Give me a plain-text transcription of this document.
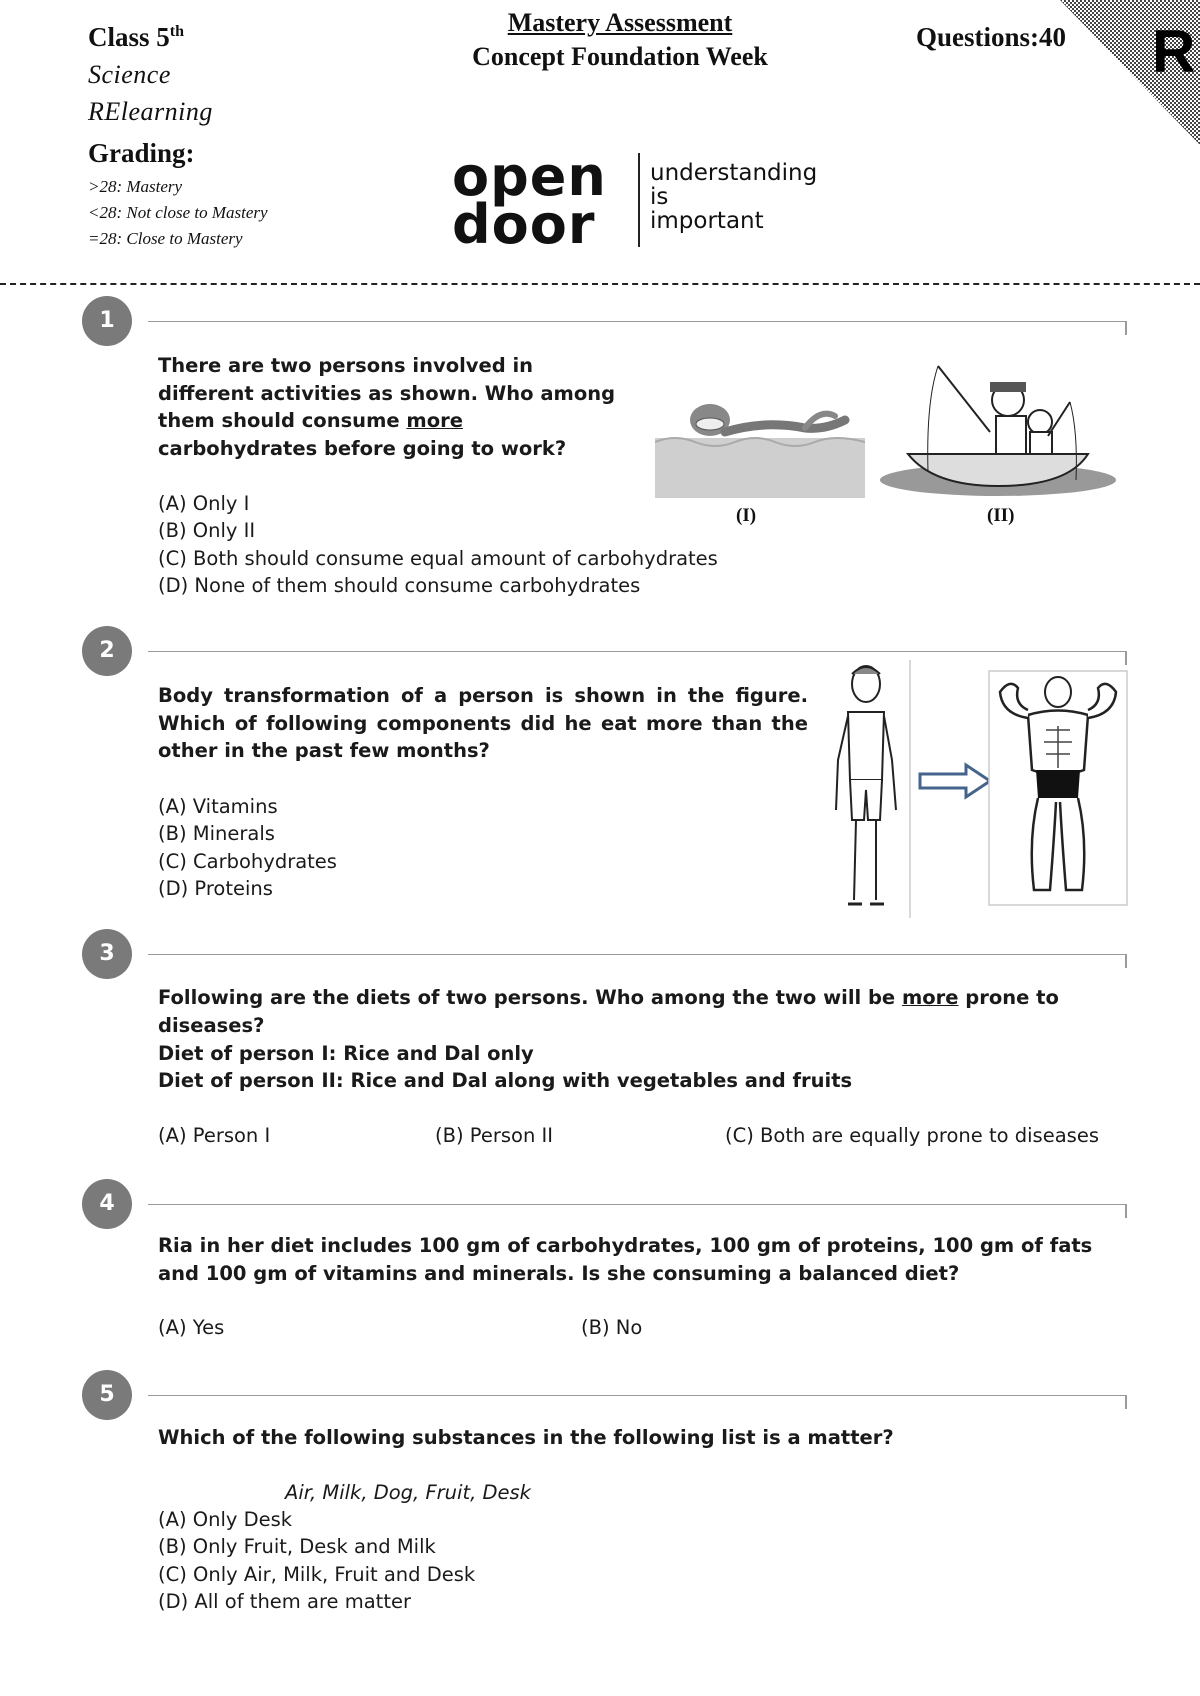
Class 5th
Science
RElearning
Grading:
>28: Mastery
<28: Not close to Mastery
=28: Close to Mastery
Mastery Assessment
Concept Foundation Week
Questions:40 R
open
door
understanding
is
important
1
There are two persons involved in different activities as shown. Who among them should consume more carbohydrates before going to work?
(A) Only I
(B) Only II
(C) Both should consume equal amount of carbohydrates
(D) None of them should consume carbohydrates
(I)	(II)
2
Body transformation of a person is shown in the figure. Which of following components did he eat more than the other in the past few months?
(A) Vitamins
(B) Minerals
(C) Carbohydrates
(D) Proteins
3
Following are the diets of two persons. Who among the two will be more prone to diseases?
Diet of person I: Rice and Dal only
Diet of person II: Rice and Dal along with vegetables and fruits
(A) Person I	(B) Person II	(C) Both are equally prone to diseases
4
Ria in her diet includes 100 gm of carbohydrates, 100 gm of proteins, 100 gm of fats and 100 gm of vitamins and minerals. Is she consuming a balanced diet?
(A) Yes	(B) No
5
Which of the following substances in the following list is a matter?
Air, Milk, Dog, Fruit, Desk
(A) Only Desk
(B) Only Fruit, Desk and Milk
(C) Only Air, Milk, Fruit and Desk
(D) All of them are matter
